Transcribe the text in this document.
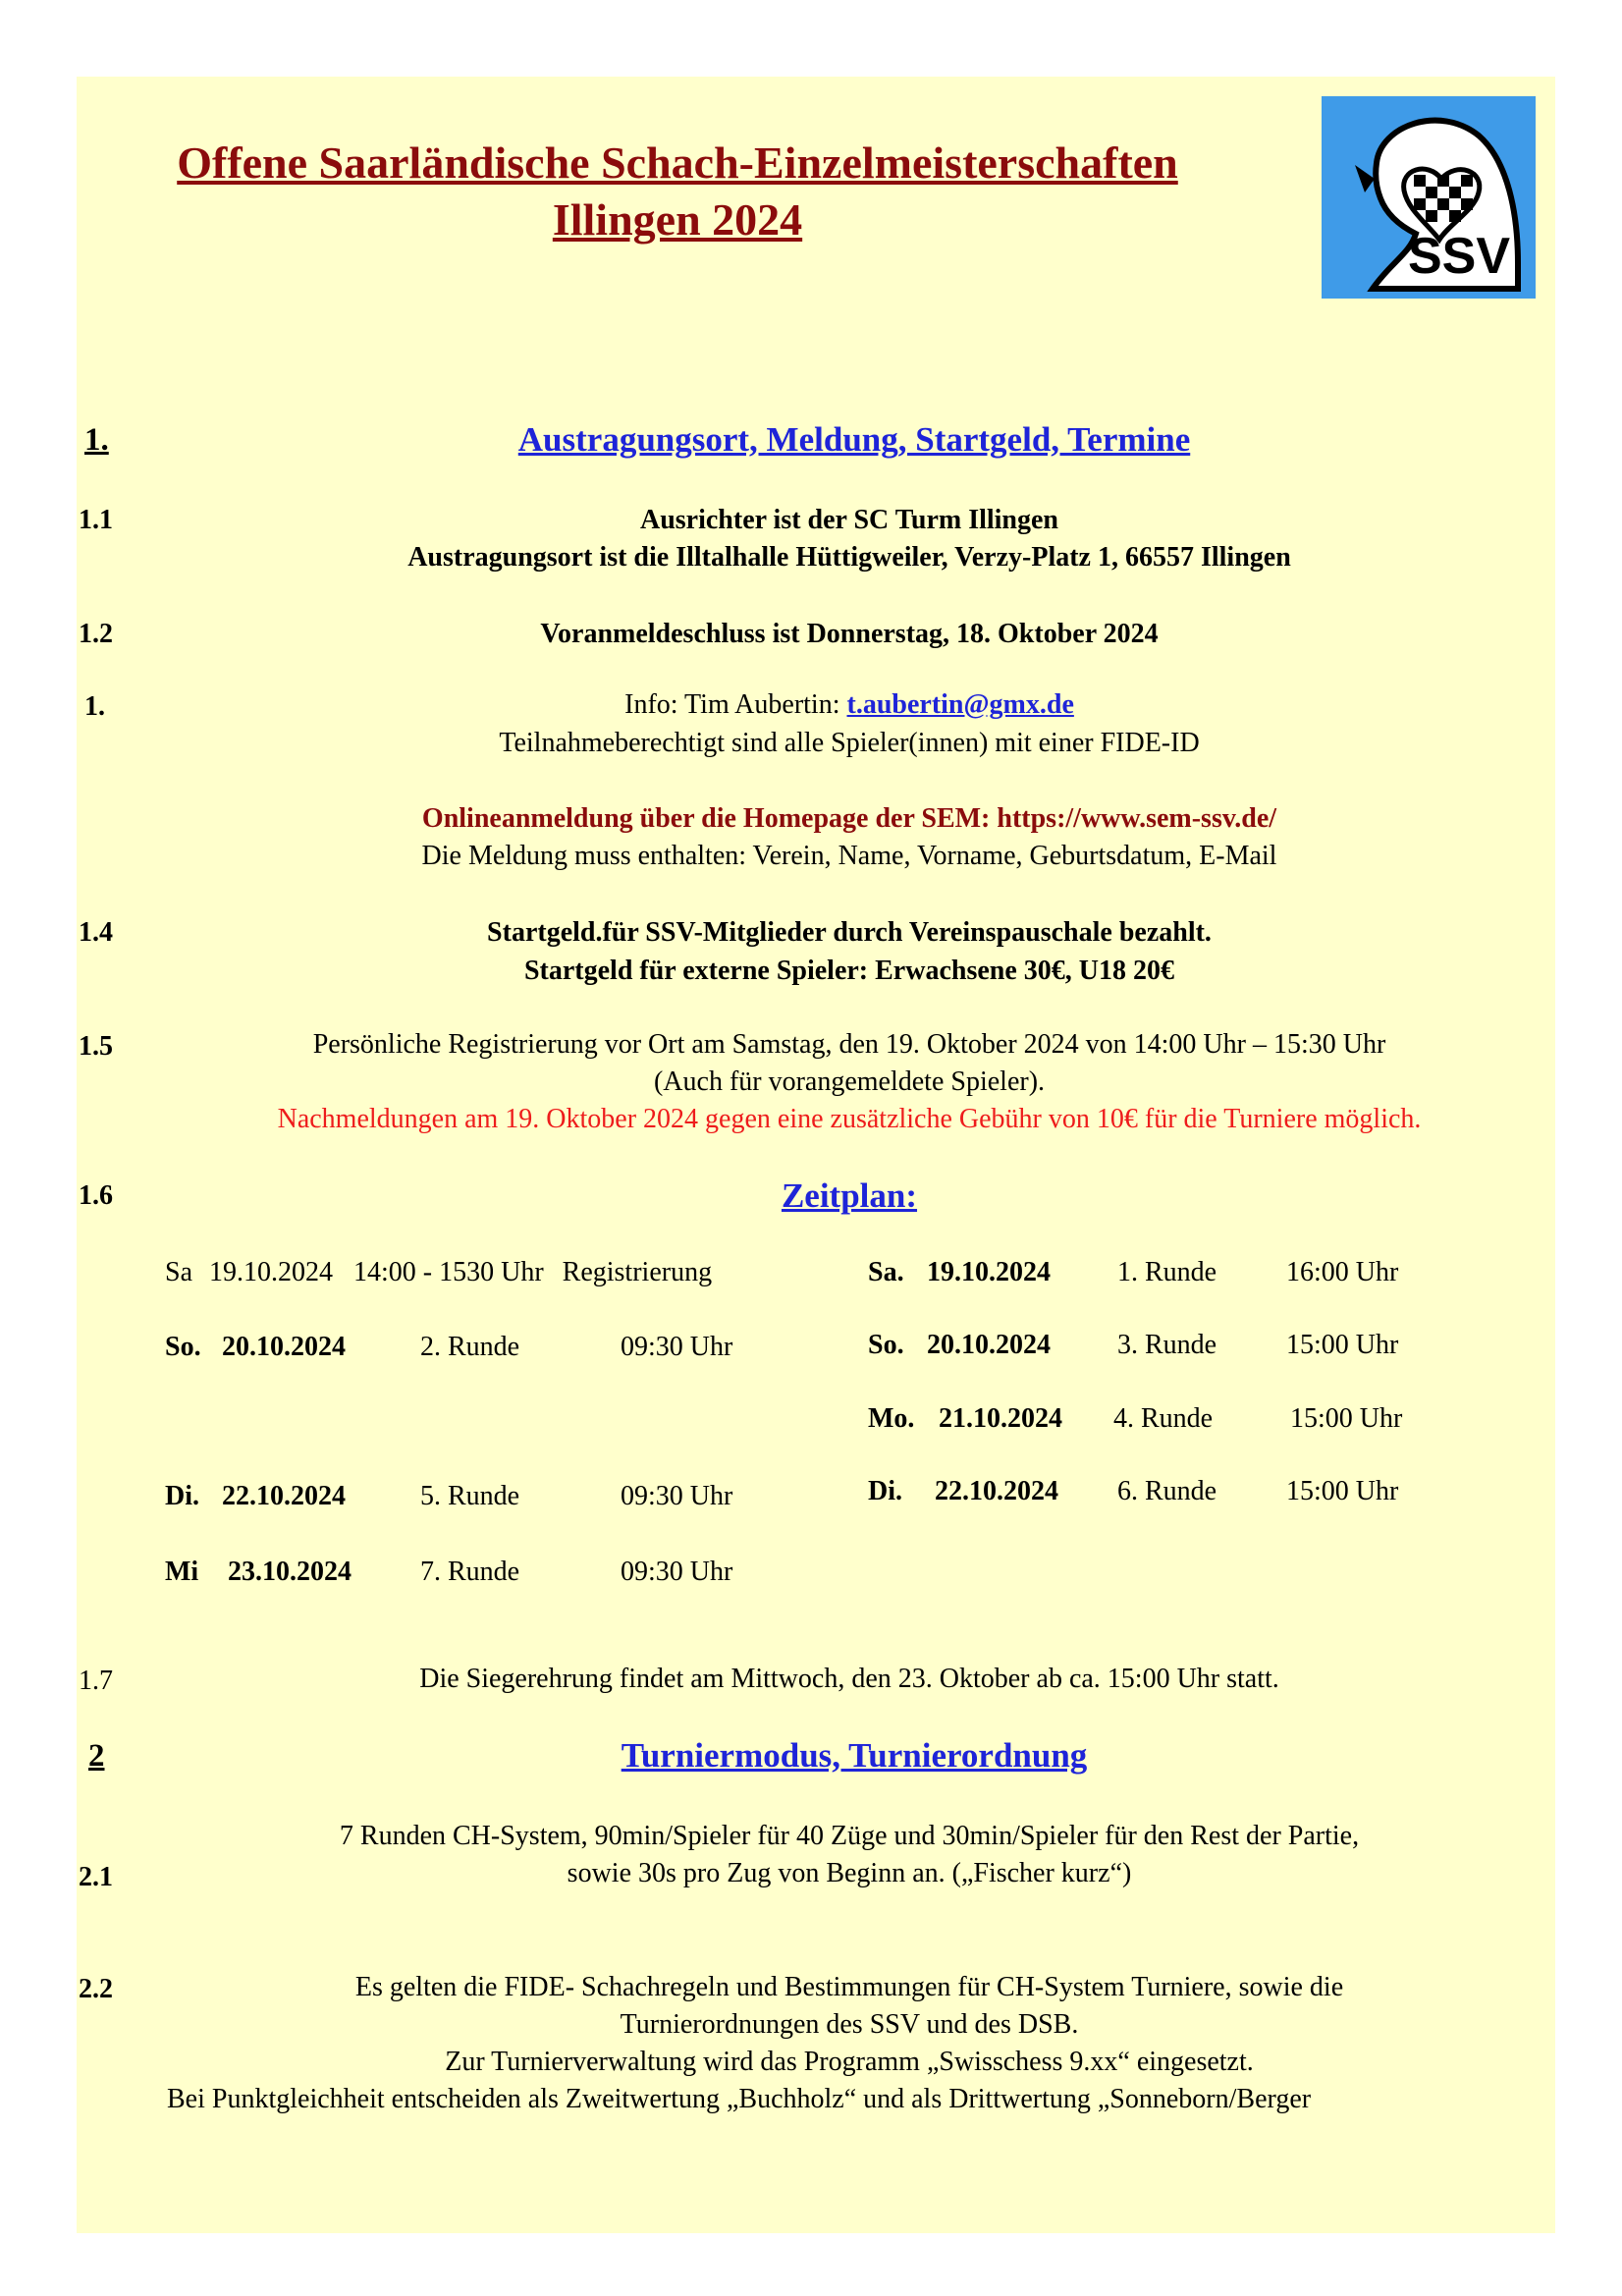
Offene Saarländische Schach-Einzelmeisterschaften
Illingen 2024
SSV
1.	Austragungsort, Meldung, Startgeld, Termine
1.1	Ausrichter ist der SC Turm Illingen
Austragungsort ist die Illtalhalle Hüttigweiler, Verzy-Platz 1, 66557 Illingen
1.2	Voranmeldeschluss ist Donnerstag, 18. Oktober 2024
1.	Info: Tim Aubertin: t.aubertin@gmx.de
Teilnahmeberechtigt sind alle Spieler(innen) mit einer FIDE-ID
Onlineanmeldung über die Homepage der SEM: https://www.sem-ssv.de/
Die Meldung muss enthalten: Verein, Name, Vorname, Geburtsdatum, E-Mail
1.4	Startgeld.für SSV-Mitglieder durch Vereinspauschale bezahlt.
Startgeld für externe Spieler: Erwachsene 30€, U18 20€
1.5	Persönliche Registrierung vor Ort am Samstag, den 19. Oktober 2024 von 14:00 Uhr – 15:30 Uhr
(Auch für vorangemeldete Spieler).
Nachmeldungen am 19. Oktober 2024 gegen eine zusätzliche Gebühr von 10€ für die Turniere möglich.
1.6	Zeitplan:
Sa 19.10.2024 14:00 - 1530 Uhr Registrierung
So. 20.10.2024	2. Runde	09:30 Uhr
Di. 22.10.2024	5. Runde	09:30 Uhr
Mi 23.10.2024	7. Runde	09:30 Uhr
Sa. 19.10.2024 1. Runde	16:00 Uhr
So. 20.10.2024 3. Runde	15:00 Uhr
Mo. 21.10.2024 4. Runde	15:00 Uhr
Di. 22.10.2024 6. Runde	15:00 Uhr
1.7	Die Siegerehrung findet am Mittwoch, den 23. Oktober ab ca. 15:00 Uhr statt.
2	Turniermodus, Turnierordnung
7 Runden CH-System, 90min/Spieler für 40 Züge und 30min/Spieler für den Rest der Partie,
2.1	sowie 30s pro Zug von Beginn an. („Fischer kurz“)
2.2	Es gelten die FIDE- Schachregeln und Bestimmungen für CH-System Turniere, sowie die
Turnierordnungen des SSV und des DSB.
Zur Turnierverwaltung wird das Programm „Swisschess 9.xx“ eingesetzt.
Bei Punktgleichheit entscheiden als Zweitwertung „Buchholz“ und als Drittwertung „Sonneborn/Berger
